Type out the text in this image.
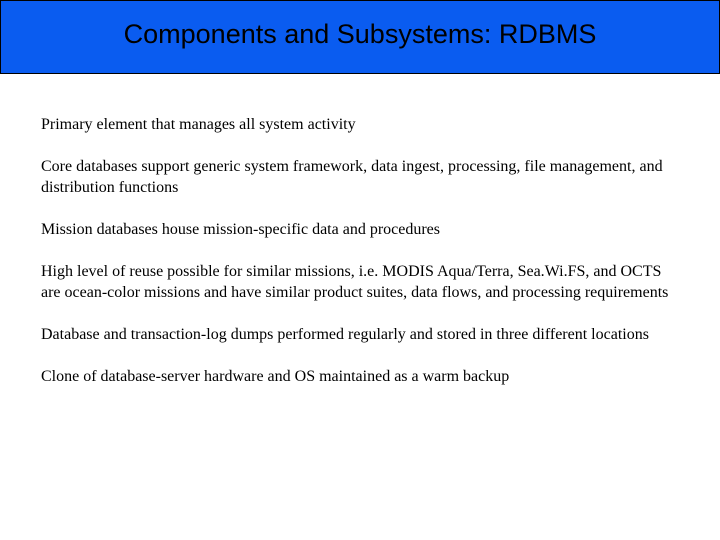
Components and Subsystems: RDBMS
Primary element that manages all system activity
Core databases support generic system framework, data ingest, processing, file management, and distribution functions
Mission databases house mission-specific data and procedures
High level of reuse possible for similar missions, i.e. MODIS Aqua/Terra, Sea.Wi.FS, and OCTS are ocean-color missions and have similar product suites, data flows, and processing requirements
Database and transaction-log dumps performed regularly and stored in three different locations
Clone of database-server hardware and OS maintained as a warm backup
